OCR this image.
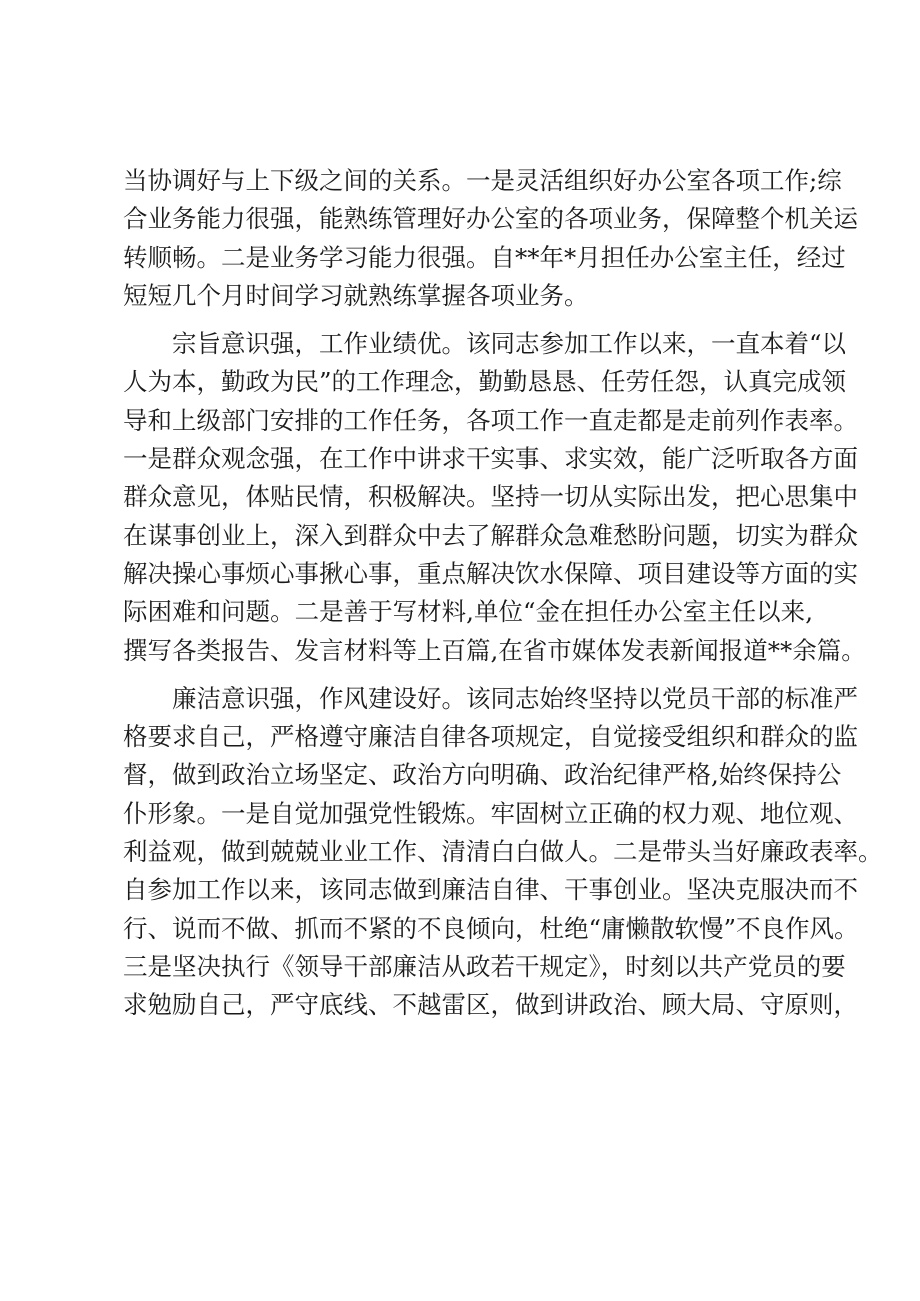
当协调好与上下级之间的关系。一是灵活组织好办公室各项工作;综
合业务能力很强，能熟练管理好办公室的各项业务，保障整个机关运
转顺畅。二是业务学习能力很强。自**年*月担任办公室主任，经过
短短几个月时间学习就熟练掌握各项业务。
宗旨意识强，工作业绩优。该同志参加工作以来，一直本着“以
人为本，勤政为民”的工作理念，勤勤恳恳、任劳任怨，认真完成领
导和上级部门安排的工作任务，各项工作一直走都是走前列作表率。
一是群众观念强，在工作中讲求干实事、求实效，能广泛听取各方面
群众意见，体贴民情，积极解决。坚持一切从实际出发，把心思集中
在谋事创业上，深入到群众中去了解群众急难愁盼问题，切实为群众
解决操心事烦心事揪心事，重点解决饮水保障、项目建设等方面的实
际困难和问题。二是善于写材料,单位“金在担任办公室主任以来,
撰写各类报告、发言材料等上百篇,在省市媒体发表新闻报道**余篇。
廉洁意识强，作风建设好。该同志始终坚持以党员干部的标准严
格要求自己，严格遵守廉洁自律各项规定，自觉接受组织和群众的监
督，做到政治立场坚定、政治方向明确、政治纪律严格,始终保持公
仆形象。一是自觉加强党性锻炼。牢固树立正确的权力观、地位观、
利益观，做到兢兢业业工作、清清白白做人。二是带头当好廉政表率。
自参加工作以来，该同志做到廉洁自律、干事创业。坚决克服决而不
行、说而不做、抓而不紧的不良倾向，杜绝“庸懒散软慢”不良作风。
三是坚决执行《领导干部廉洁从政若干规定》，时刻以共产党员的要
求勉励自己，严守底线、不越雷区，做到讲政治、顾大局、守原则，
